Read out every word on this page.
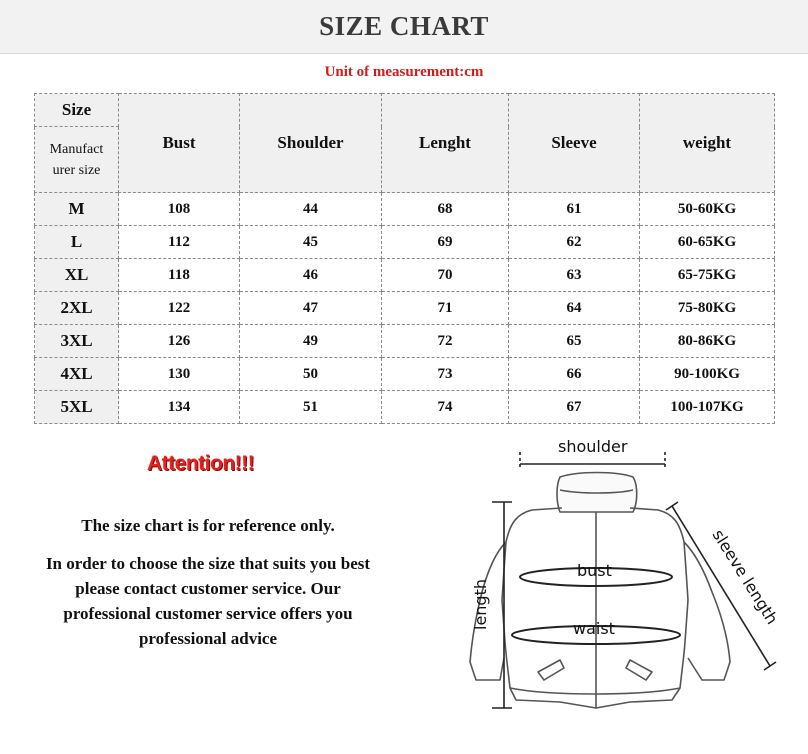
SIZE CHART
Unit of measurement:cm
Size	Bust	Shoulder	Lenght	Sleeve	weight
Manufact urer size					
M	108	44	68	61	50-60KG
L	112	45	69	62	60-65KG
XL	118	46	70	63	65-75KG
2XL	122	47	71	64	75-80KG
3XL	126	49	72	65	80-86KG
4XL	130	50	73	66	90-100KG
5XL	134	51	74	67	100-107KG
Attention!!!
The size chart is for reference only.
In order to choose the size that suits you best please contact customer service. Our professional customer service offers you professional advice
shoulder
bust
waist
length	sleeve length
